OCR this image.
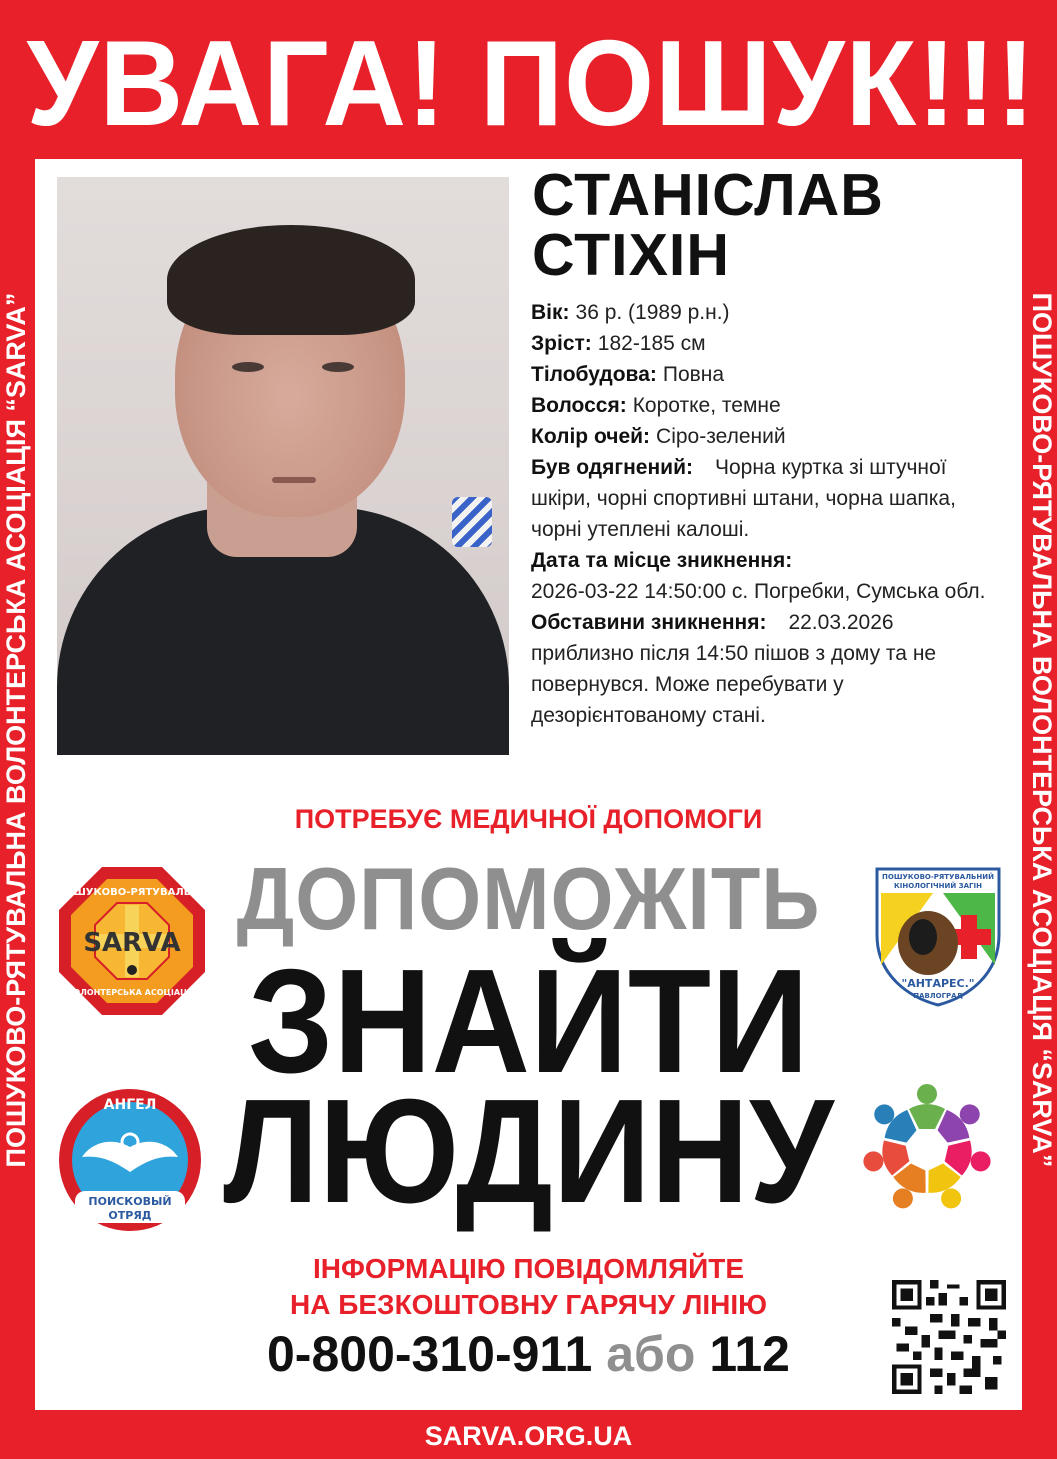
УВАГА! ПОШУК!!!
ПОШУКОВО-РЯТУВАЛЬНА ВОЛОНТЕРСЬКА АСОЦІАЦІЯ “SARVA”	ПОШУКОВО-РЯТУВАЛЬНА ВОЛОНТЕРСЬКА АСОЦІАЦІЯ “SARVA”
СТАНІСЛАВ
СТІХІН
Вік: 36 р. (1989 р.н.)
Зріст: 182-185 см
Тілобудова: Повна
Волосся: Коротке, темне
Колір очей: Сіро-зелений
Був одягнений: Чорна куртка зі штучної шкіри, чорні спортивні штани, чорна шапка, чорні утеплені калоші.
Дата та місце зникнення:
2026-03-22 14:50:00 с. Погребки, Сумська обл.
Обставини зникнення: 22.03.2026 приблизно після 14:50 пішов з дому та не повернувся. Може перебувати у дезорієнтованому стані.
ПОТРЕБУЄ МЕДИЧНОЇ ДОПОМОГИ
ДОПОМОЖІТЬ
ЗНАЙТИ
ЛЮДИНУ
SARVA
ПОШУКОВО-РЯТУВАЛЬНА
ВОЛОНТЕРСЬКА АСОЦІАЦІЯ
ПОШУКОВО-РЯТУВАЛЬНИЙ
КІНОЛОГІЧНИЙ ЗАГІН
"АНТАРЕС."
ПАВЛОГРАД
АНГЕЛ
ПОИСКОВЫЙ
ОТРЯД
ІНФОРМАЦІЮ ПОВІДОМЛЯЙТЕ
НА БЕЗКОШТОВНУ ГАРЯЧУ ЛІНІЮ
0-800-310-911 або 112
SARVA.ORG.UA
